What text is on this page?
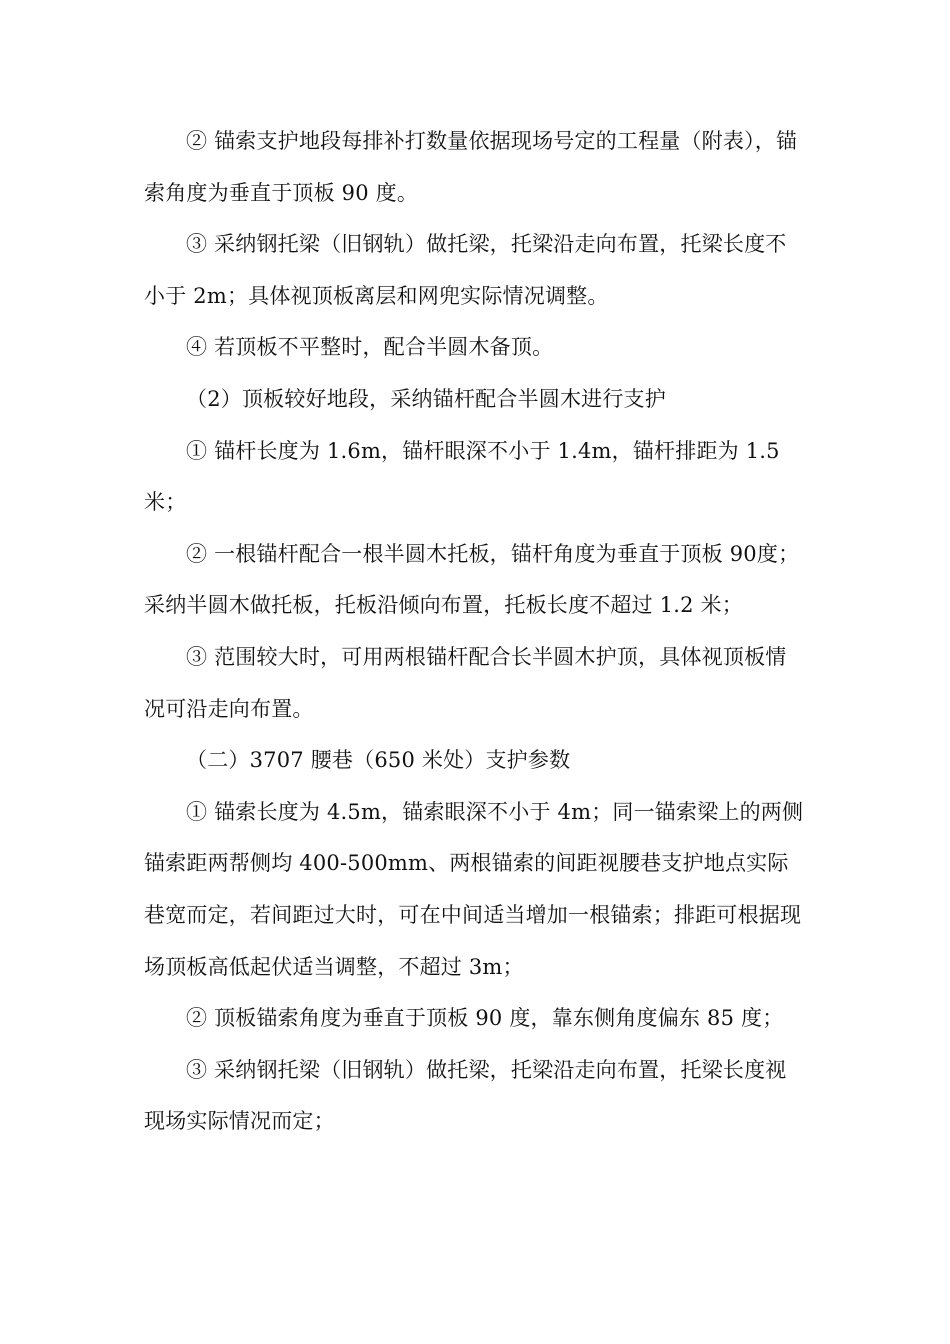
② 锚索支护地段每排补打数量依据现场号定的工程量（附表），锚索角度为垂直于顶板 90 度。

③ 采纳钢托梁（旧钢轨）做托梁，托梁沿走向布置，托梁长度不小于 2m；具体视顶板离层和网兜实际情况调整。

④ 若顶板不平整时，配合半圆木备顶。

（2）顶板较好地段，采纳锚杆配合半圆木进行支护

① 锚杆长度为 1.6m，锚杆眼深不小于 1.4m，锚杆排距为 1.5米；

② 一根锚杆配合一根半圆木托板，锚杆角度为垂直于顶板 90度；采纳半圆木做托板，托板沿倾向布置，托板长度不超过 1.2 米；

③ 范围较大时，可用两根锚杆配合长半圆木护顶，具体视顶板情况可沿走向布置。

（二）3707 腰巷（650 米处）支护参数

① 锚索长度为 4.5m，锚索眼深不小于 4m；同一锚索梁上的两侧锚索距两帮侧均 400-500mm、两根锚索的间距视腰巷支护地点实际巷宽而定，若间距过大时，可在中间适当增加一根锚索；排距可根据现场顶板高低起伏适当调整，不超过 3m；

② 顶板锚索角度为垂直于顶板 90 度，靠东侧角度偏东 85 度；

③ 采纳钢托梁（旧钢轨）做托梁，托梁沿走向布置，托梁长度视现场实际情况而定；
